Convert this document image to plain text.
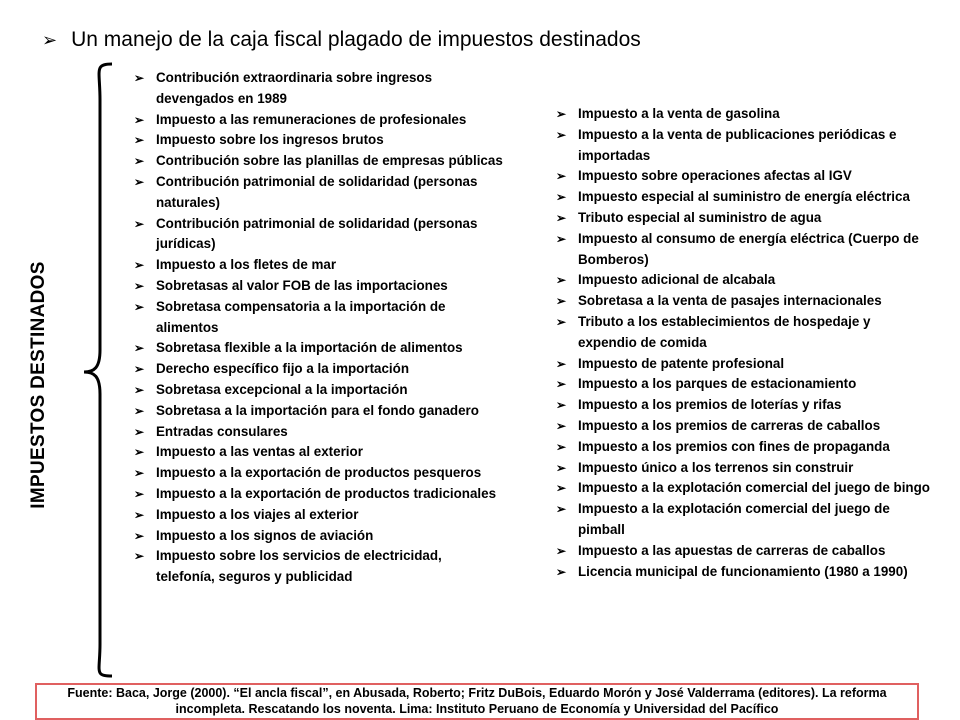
➢ Un manejo de la caja fiscal plagado de impuestos destinados
IMPUESTOS DESTINADOS
➢ Contribución extraordinaria sobre ingresos devengados en 1989
➢ Impuesto a las remuneraciones de profesionales
➢ Impuesto sobre los ingresos brutos
➢ Contribución sobre las planillas de empresas públicas
➢ Contribución patrimonial de solidaridad (personas naturales)
➢ Contribución patrimonial de solidaridad (personas jurídicas)
➢ Impuesto a los fletes de mar
➢ Sobretasas al valor FOB de las importaciones
➢ Sobretasa compensatoria a la importación de alimentos
➢ Sobretasa flexible a la importación de alimentos
➢ Derecho específico fijo a la importación
➢ Sobretasa excepcional a la importación
➢ Sobretasa a la importación para el fondo ganadero
➢ Entradas consulares
➢ Impuesto a las ventas al exterior
➢ Impuesto a la exportación de productos pesqueros
➢ Impuesto a la exportación de productos tradicionales
➢ Impuesto a los viajes al exterior
➢ Impuesto a los signos de aviación
➢ Impuesto sobre los servicios de electricidad, telefonía, seguros y publicidad
➢ Impuesto a la venta de gasolina
➢ Impuesto a la venta de publicaciones periódicas e importadas
➢ Impuesto sobre operaciones afectas al IGV
➢ Impuesto especial al suministro de energía eléctrica
➢ Tributo especial al suministro de agua
➢ Impuesto al consumo de energía eléctrica (Cuerpo de Bomberos)
➢ Impuesto adicional de alcabala
➢ Sobretasa a la venta de pasajes internacionales
➢ Tributo a los establecimientos de hospedaje y expendio de comida
➢ Impuesto de patente profesional
➢ Impuesto a los parques de estacionamiento
➢ Impuesto a los premios de loterías y rifas
➢ Impuesto a los premios de carreras de caballos
➢ Impuesto a los premios con fines de propaganda
➢ Impuesto único a los terrenos sin construir
➢ Impuesto a la explotación comercial del juego de bingo
➢ Impuesto a la explotación comercial del juego de pimball
➢ Impuesto a las apuestas de carreras de caballos
➢ Licencia municipal de funcionamiento (1980 a 1990)
Fuente: Baca, Jorge (2000). “El ancla fiscal”, en Abusada, Roberto; Fritz DuBois, Eduardo Morón y José Valderrama (editores). La reforma incompleta. Rescatando los noventa. Lima: Instituto Peruano de Economía y Universidad del Pacífico
